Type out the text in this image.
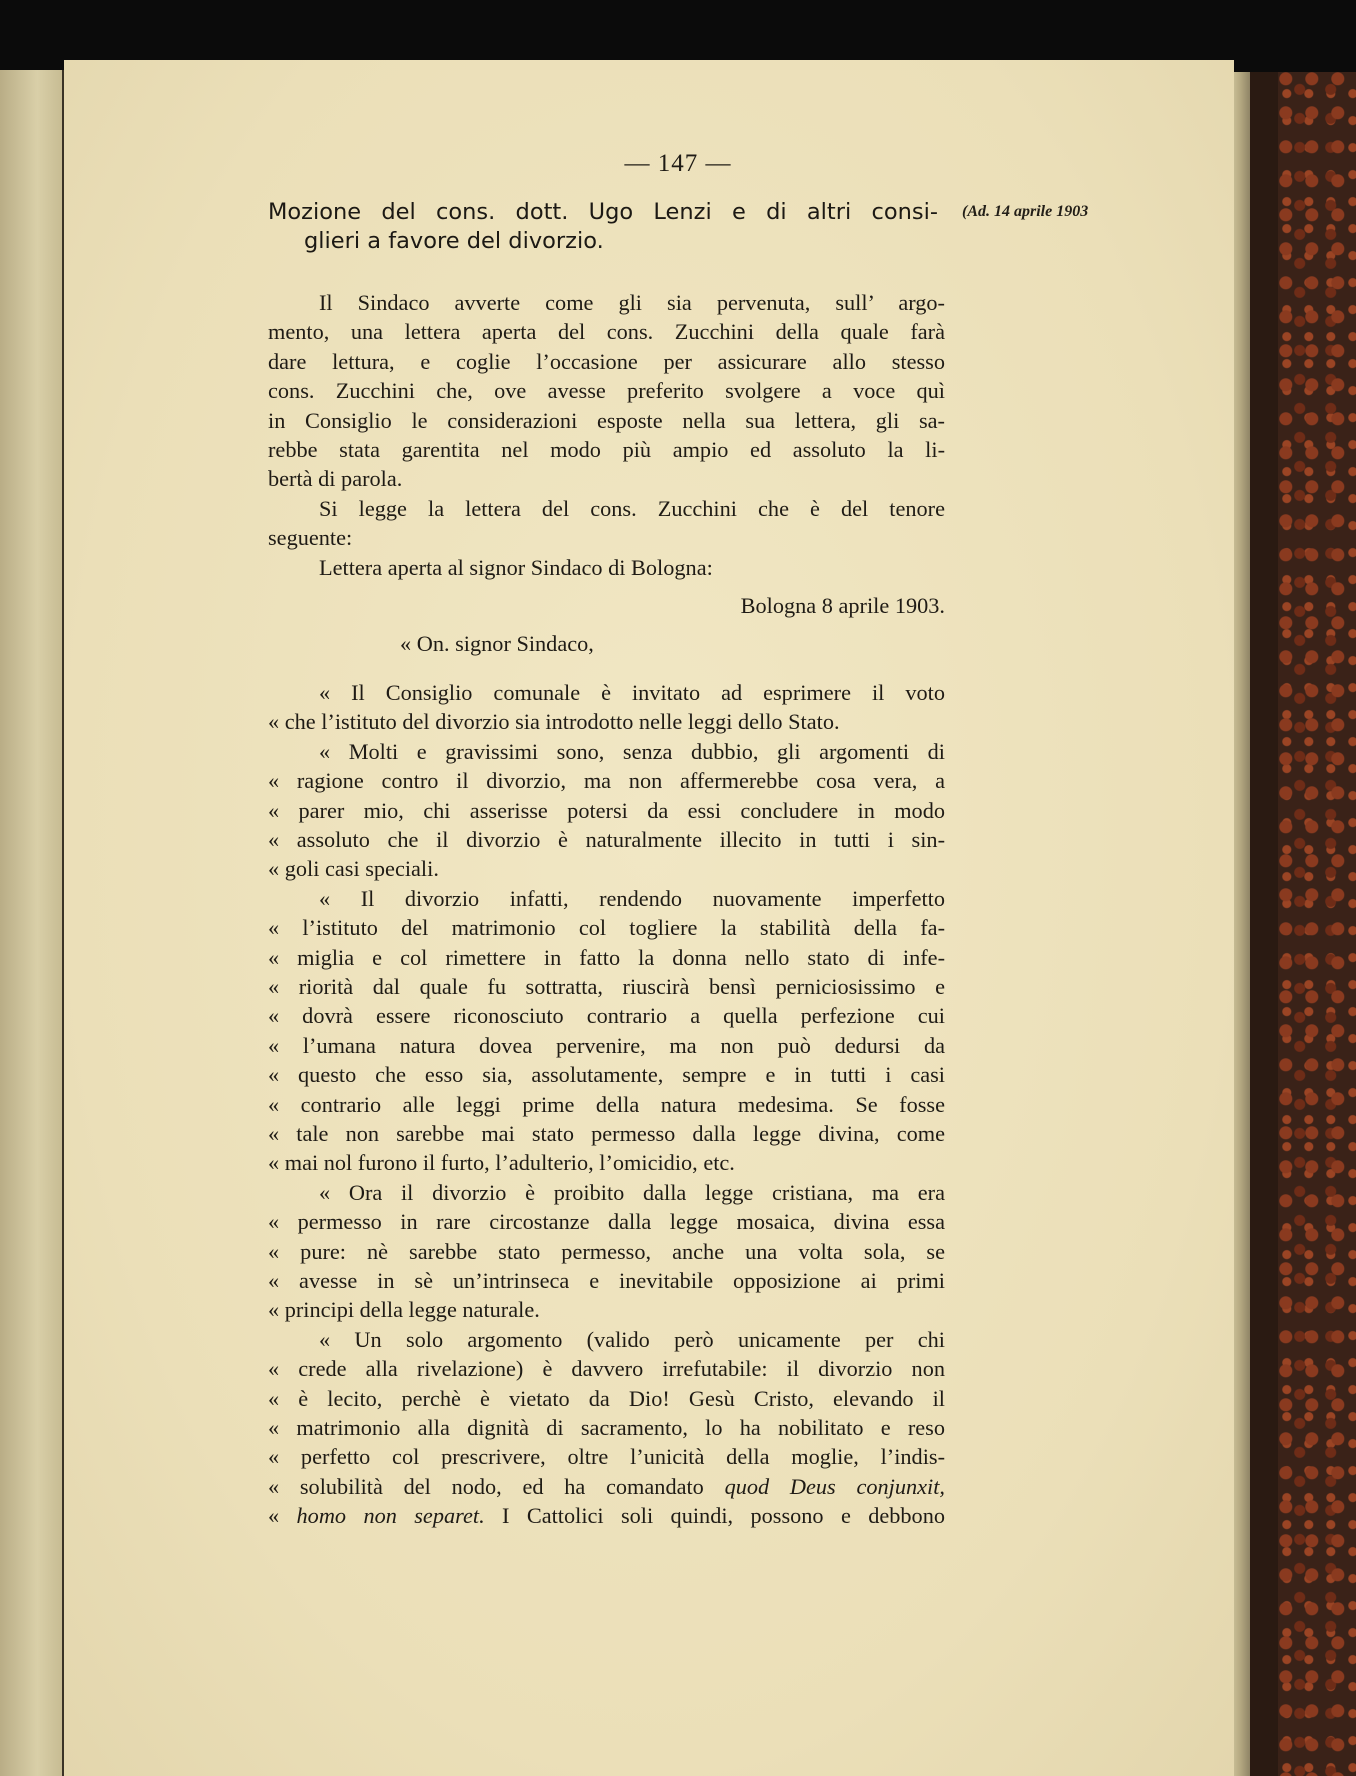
— 147 —
Mozione del cons. dott. Ugo Lenzi e di altri consi-
glieri a favore del divorzio.
(Ad. 14 aprile 1903

Il Sindaco avverte come gli sia pervenuta, sull’ argo-
mento, una lettera aperta del cons. Zucchini della quale farà
dare lettura, e coglie l’occasione per assicurare allo stesso
cons. Zucchini che, ove avesse preferito svolgere a voce quì
in Consiglio le considerazioni esposte nella sua lettera, gli sa-
rebbe stata garentita nel modo più ampio ed assoluto la li-
bertà di parola.

Si legge la lettera del cons. Zucchini che è del tenore
seguente:

Lettera aperta al signor Sindaco di Bologna:

Bologna 8 aprile 1903.

« On. signor Sindaco,

« Il Consiglio comunale è invitato ad esprimere il voto
« che l’istituto del divorzio sia introdotto nelle leggi dello Stato.

« Molti e gravissimi sono, senza dubbio, gli argomenti di
« ragione contro il divorzio, ma non affermerebbe cosa vera, a
« parer mio, chi asserisse potersi da essi concludere in modo
« assoluto che il divorzio è naturalmente illecito in tutti i sin-
« goli casi speciali.

« Il divorzio infatti, rendendo nuovamente imperfetto
« l’istituto del matrimonio col togliere la stabilità della fa-
« miglia e col rimettere in fatto la donna nello stato di infe-
« riorità dal quale fu sottratta, riuscirà bensì perniciosissimo e
« dovrà essere riconosciuto contrario a quella perfezione cui
« l’umana natura dovea pervenire, ma non può dedursi da
« questo che esso sia, assolutamente, sempre e in tutti i casi
« contrario alle leggi prime della natura medesima. Se fosse
« tale non sarebbe mai stato permesso dalla legge divina, come
« mai nol furono il furto, l’adulterio, l’omicidio, etc.

« Ora il divorzio è proibito dalla legge cristiana, ma era
« permesso in rare circostanze dalla legge mosaica, divina essa
« pure: nè sarebbe stato permesso, anche una volta sola, se
« avesse in sè un’intrinseca e inevitabile opposizione ai primi
« principi della legge naturale.

« Un solo argomento (valido però unicamente per chi
« crede alla rivelazione) è davvero irrefutabile: il divorzio non
« è lecito, perchè è vietato da Dio! Gesù Cristo, elevando il
« matrimonio alla dignità di sacramento, lo ha nobilitato e reso
« perfetto col prescrivere, oltre l’unicità della moglie, l’indis-
« solubilità del nodo, ed ha comandato quod Deus conjunxit,
« homo non separet. I Cattolici soli quindi, possono e debbono
